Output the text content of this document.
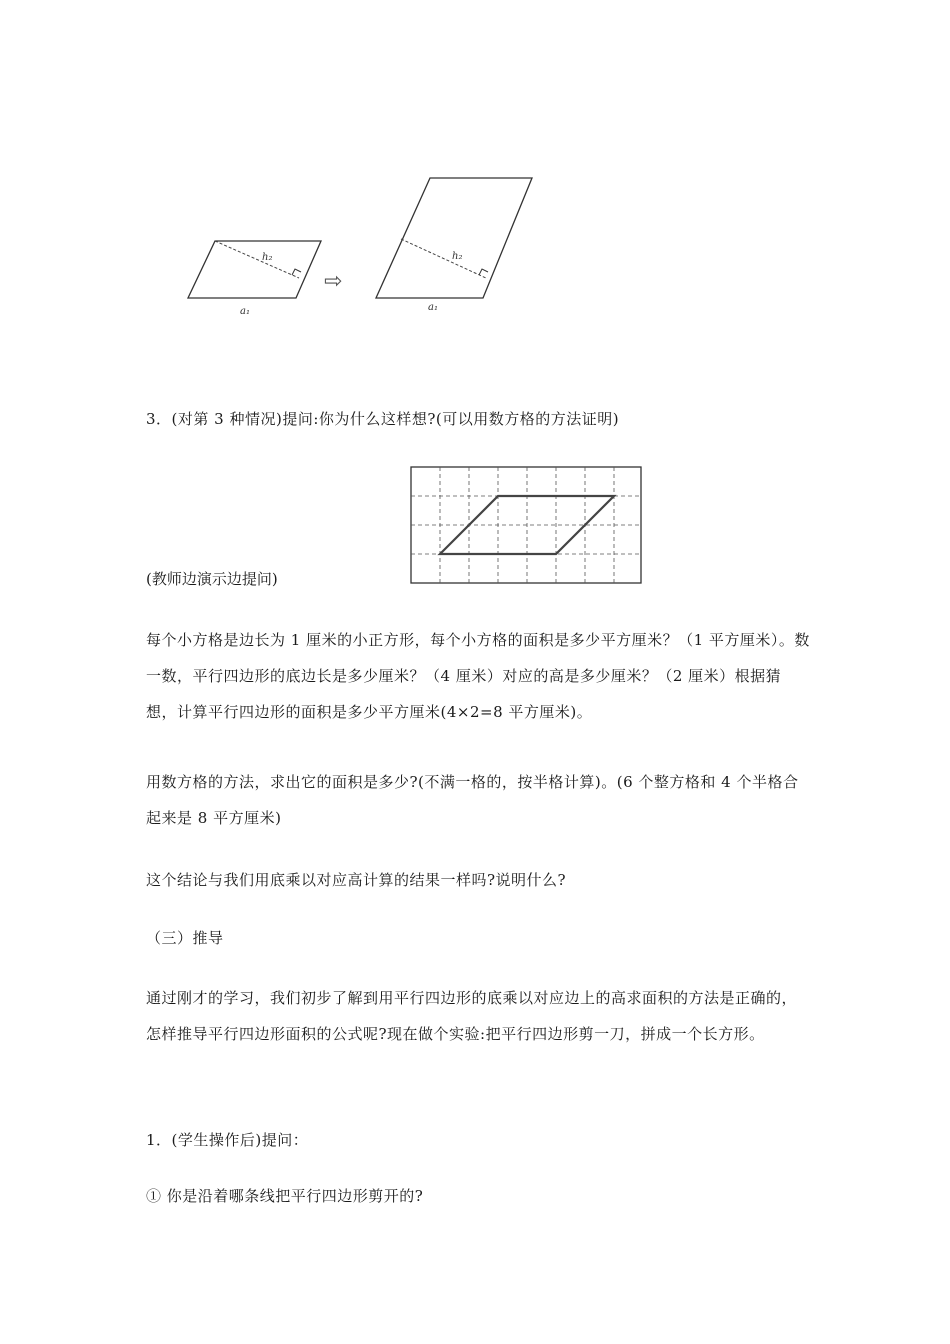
h₂
a₁
⇨
h₂
a₁
3．(对第 3 种情况)提问:你为什么这样想?(可以用数方格的方法证明)
(教师边演示边提问)
每个小方格是边长为 1 厘米的小正方形，每个小方格的面积是多少平方厘米？（1 平方厘米）。数一数，平行四边形的底边长是多少厘米？（4 厘米）对应的高是多少厘米？（2 厘米）根据猜想，计算平行四边形的面积是多少平方厘米(4×2=8 平方厘米)。
用数方格的方法，求出它的面积是多少?(不满一格的，按半格计算)。(6 个整方格和 4 个半格合起来是 8 平方厘米)
这个结论与我们用底乘以对应高计算的结果一样吗?说明什么?
（三）推导
通过刚才的学习，我们初步了解到用平行四边形的底乘以对应边上的高求面积的方法是正确的，怎样推导平行四边形面积的公式呢?现在做个实验:把平行四边形剪一刀，拼成一个长方形。
1．(学生操作后)提问：
① 你是沿着哪条线把平行四边形剪开的?
